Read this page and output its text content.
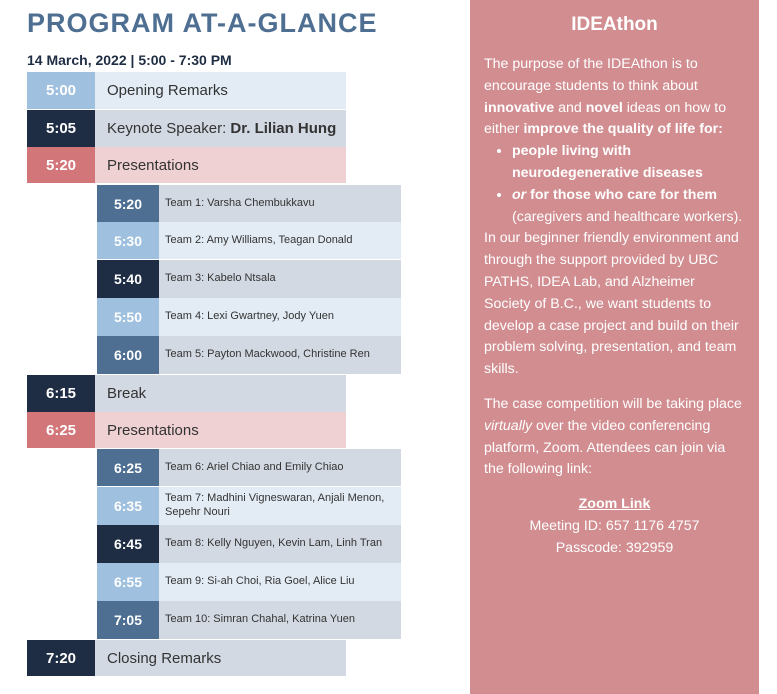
PROGRAM AT-A-GLANCE
14 March, 2022 | 5:00 - 7:30 PM
5:00	Opening Remarks
5:05	Keynote Speaker: Dr. Lilian Hung
5:20	Presentations
5:20	Team 1: Varsha Chembukkavu
5:30	Team 2: Amy Williams, Teagan Donald
5:40	Team 3: Kabelo Ntsala
5:50	Team 4: Lexi Gwartney, Jody Yuen
6:00	Team 5: Payton Mackwood, Christine Ren
6:15	Break
6:25	Presentations
6:25	Team 6: Ariel Chiao and Emily Chiao
6:35	Team 7: Madhini Vigneswaran, Anjali Menon, Sepehr Nouri
6:45	Team 8: Kelly Nguyen, Kevin Lam, Linh Tran
6:55	Team 9: Si-ah Choi, Ria Goel, Alice Liu
7:05	Team 10: Simran Chahal, Katrina Yuen
7:20	Closing Remarks
IDEAthon

The purpose of the IDEAthon is to encourage students to think about innovative and novel ideas on how to either improve the quality of life for:

• people living with neurodegenerative diseases
• or for those who care for them (caregivers and healthcare workers).

In our beginner friendly environment and through the support provided by UBC PATHS, IDEA Lab, and Alzheimer Society of B.C., we want students to develop a case project and build on their problem solving, presentation, and team skills.

The case competition will be taking place virtually over the video conferencing platform, Zoom. Attendees can join via the following link:

Zoom Link

Meeting ID: 657 1176 4757

Passcode: 392959
